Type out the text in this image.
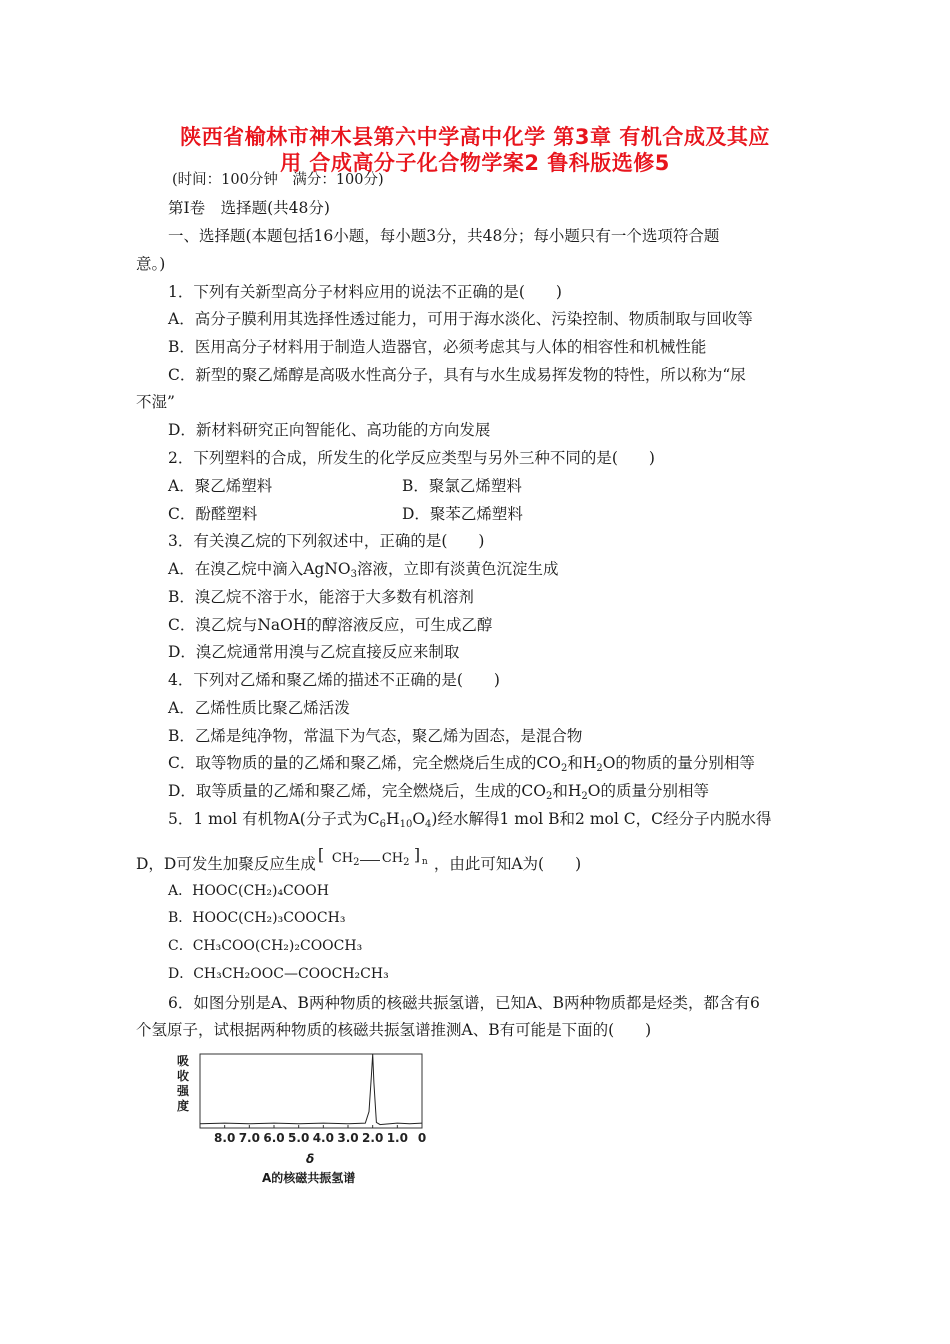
陕西省榆林市神木县第六中学高中化学 第3章 有机合成及其应
用 合成高分子化合物学案2 鲁科版选修5
(时间：100分钟　满分：100分)
第Ⅰ卷　选择题(共48分)
一、选择题(本题包括16小题，每小题3分，共48分；每小题只有一个选项符合题
意。)
1．下列有关新型高分子材料应用的说法不正确的是(　　)
A．高分子膜利用其选择性透过能力，可用于海水淡化、污染控制、物质制取与回收等
B．医用高分子材料用于制造人造器官，必须考虑其与人体的相容性和机械性能
C．新型的聚乙烯醇是高吸水性高分子，具有与水生成易挥发物的特性，所以称为“尿
不湿”
D．新材料研究正向智能化、高功能的方向发展
2．下列塑料的合成，所发生的化学反应类型与另外三种不同的是(　　)
A．聚乙烯塑料	B．聚氯乙烯塑料
C．酚醛塑料	D．聚苯乙烯塑料
3．有关溴乙烷的下列叙述中，正确的是(　　)
A．在溴乙烷中滴入AgNO$_3$溶液，立即有淡黄色沉淀生成
B．溴乙烷不溶于水，能溶于大多数有机溶剂
C．溴乙烷与NaOH的醇溶液反应，可生成乙醇
D．溴乙烷通常用溴与乙烷直接反应来制取
4．下列对乙烯和聚乙烯的描述不正确的是(　　)
A．乙烯性质比聚乙烯活泼
B．乙烯是纯净物，常温下为气态，聚乙烯为固态，是混合物
C．取等物质的量的乙烯和聚乙烯，完全燃烧后生成的$CO_2$和$H_2O$的物质的量分别相等
D．取等质量的乙烯和聚乙烯，完全燃烧后，生成的$CO_2$和$H_2O$的质量分别相等
5．1 mol 有机物A(分子式为$C_6H_{10}O_4$)经水解得1 mol B和2 mol C，C经分子内脱水得
D，D可发生加聚反应生成 [ $CH_2$ $CH_2$ ] n ，由此可知A为(　　)
A．HOOC(CH₂)₄COOH
B．HOOC(CH₂)₃COOCH₃
C．CH₃COO(CH₂)₂COOCH₃
D．CH₃CH₂OOC—COOCH₂CH₃
6．如图分别是A、B两种物质的核磁共振氢谱，已知A、B两种物质都是烃类，都含有6
个氢原子，试根据两种物质的核磁共振氢谱推测A、B有可能是下面的(　　)
吸收强度
8.0 7.0 6.0 5.0 4.0 3.0 2.0 1.0 0
δ
A的核磁共振氢谱
